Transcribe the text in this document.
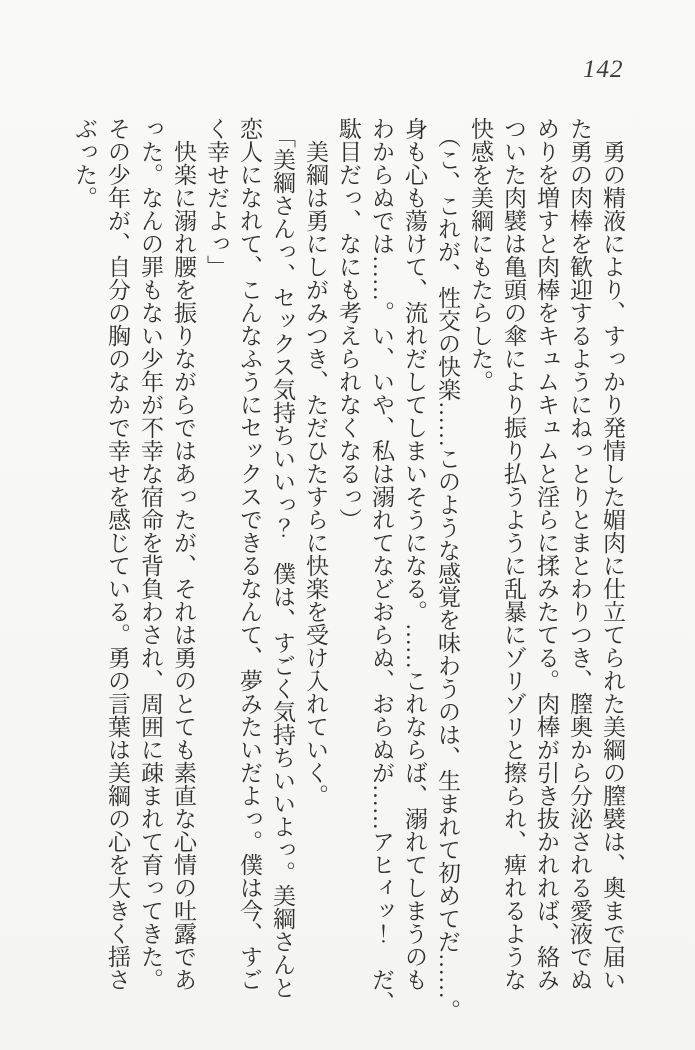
142
勇の精液により、すっかり発情した媚肉に仕立てられた美綱の膣襞は、奥まで届い
た勇の肉棒を歓迎するようにねっとりとまとわりつき、膣奥から分泌される愛液でぬ
めりを増すと肉棒をキュムキュムと淫らに揉みたてる。肉棒が引き抜かれれば、絡み
ついた肉襞は亀頭の傘により振り払うように乱暴にゾリゾリと擦られ、痺れるような
快感を美綱にもたらした。
（こ、これが、性交の快楽……このような感覚を味わうのは、生まれて初めてだ……。
身も心も蕩けて、流れだしてしまいそうになる。……これならば、溺れてしまうのも
わからぬでは……。い、いや、私は溺れてなどおらぬ、おらぬが……アヒィッ！　だ、
駄目だっ、なにも考えられなくなるっ）
美綱は勇にしがみつき、ただひたすらに快楽を受け入れていく。
「美綱さんっ、セックス気持ちいいっ？　僕は、すごく気持ちいいよっ。美綱さんと
恋人になれて、こんなふうにセックスできるなんて、夢みたいだよっ。僕は今、すご
く幸せだよっ」
快楽に溺れ腰を振りながらではあったが、それは勇のとても素直な心情の吐露であ
った。なんの罪もない少年が不幸な宿命を背負わされ、周囲に疎まれて育ってきた。
その少年が、自分の胸のなかで幸せを感じている。勇の言葉は美綱の心を大きく揺さ
ぶった。
